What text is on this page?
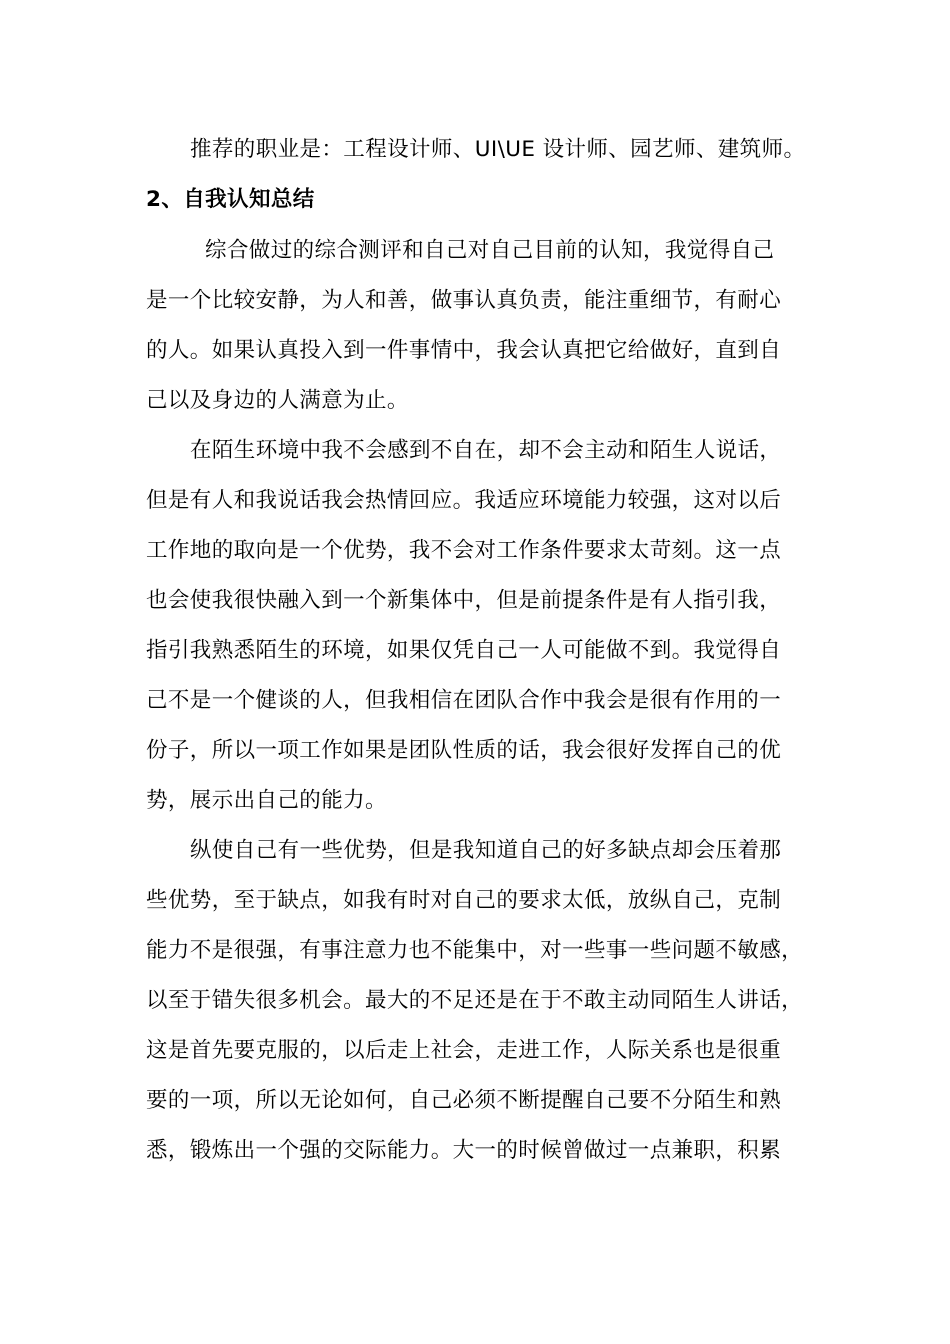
推荐的职业是：工程设计师、UI\UE 设计师、园艺师、建筑师。
2、自我认知总结
综合做过的综合测评和自己对自己目前的认知，我觉得自己
是一个比较安静，为人和善，做事认真负责，能注重细节，有耐心
的人。如果认真投入到一件事情中，我会认真把它给做好，直到自
己以及身边的人满意为止。
在陌生环境中我不会感到不自在，却不会主动和陌生人说话，
但是有人和我说话我会热情回应。我适应环境能力较强，这对以后
工作地的取向是一个优势，我不会对工作条件要求太苛刻。这一点
也会使我很快融入到一个新集体中，但是前提条件是有人指引我，
指引我熟悉陌生的环境，如果仅凭自己一人可能做不到。我觉得自
己不是一个健谈的人，但我相信在团队合作中我会是很有作用的一
份子，所以一项工作如果是团队性质的话，我会很好发挥自己的优
势，展示出自己的能力。
纵使自己有一些优势，但是我知道自己的好多缺点却会压着那
些优势，至于缺点，如我有时对自己的要求太低，放纵自己，克制
能力不是很强，有事注意力也不能集中，对一些事一些问题不敏感，
以至于错失很多机会。最大的不足还是在于不敢主动同陌生人讲话，
这是首先要克服的，以后走上社会，走进工作，人际关系也是很重
要的一项，所以无论如何，自己必须不断提醒自己要不分陌生和熟
悉，锻炼出一个强的交际能力。大一的时候曾做过一点兼职，积累
